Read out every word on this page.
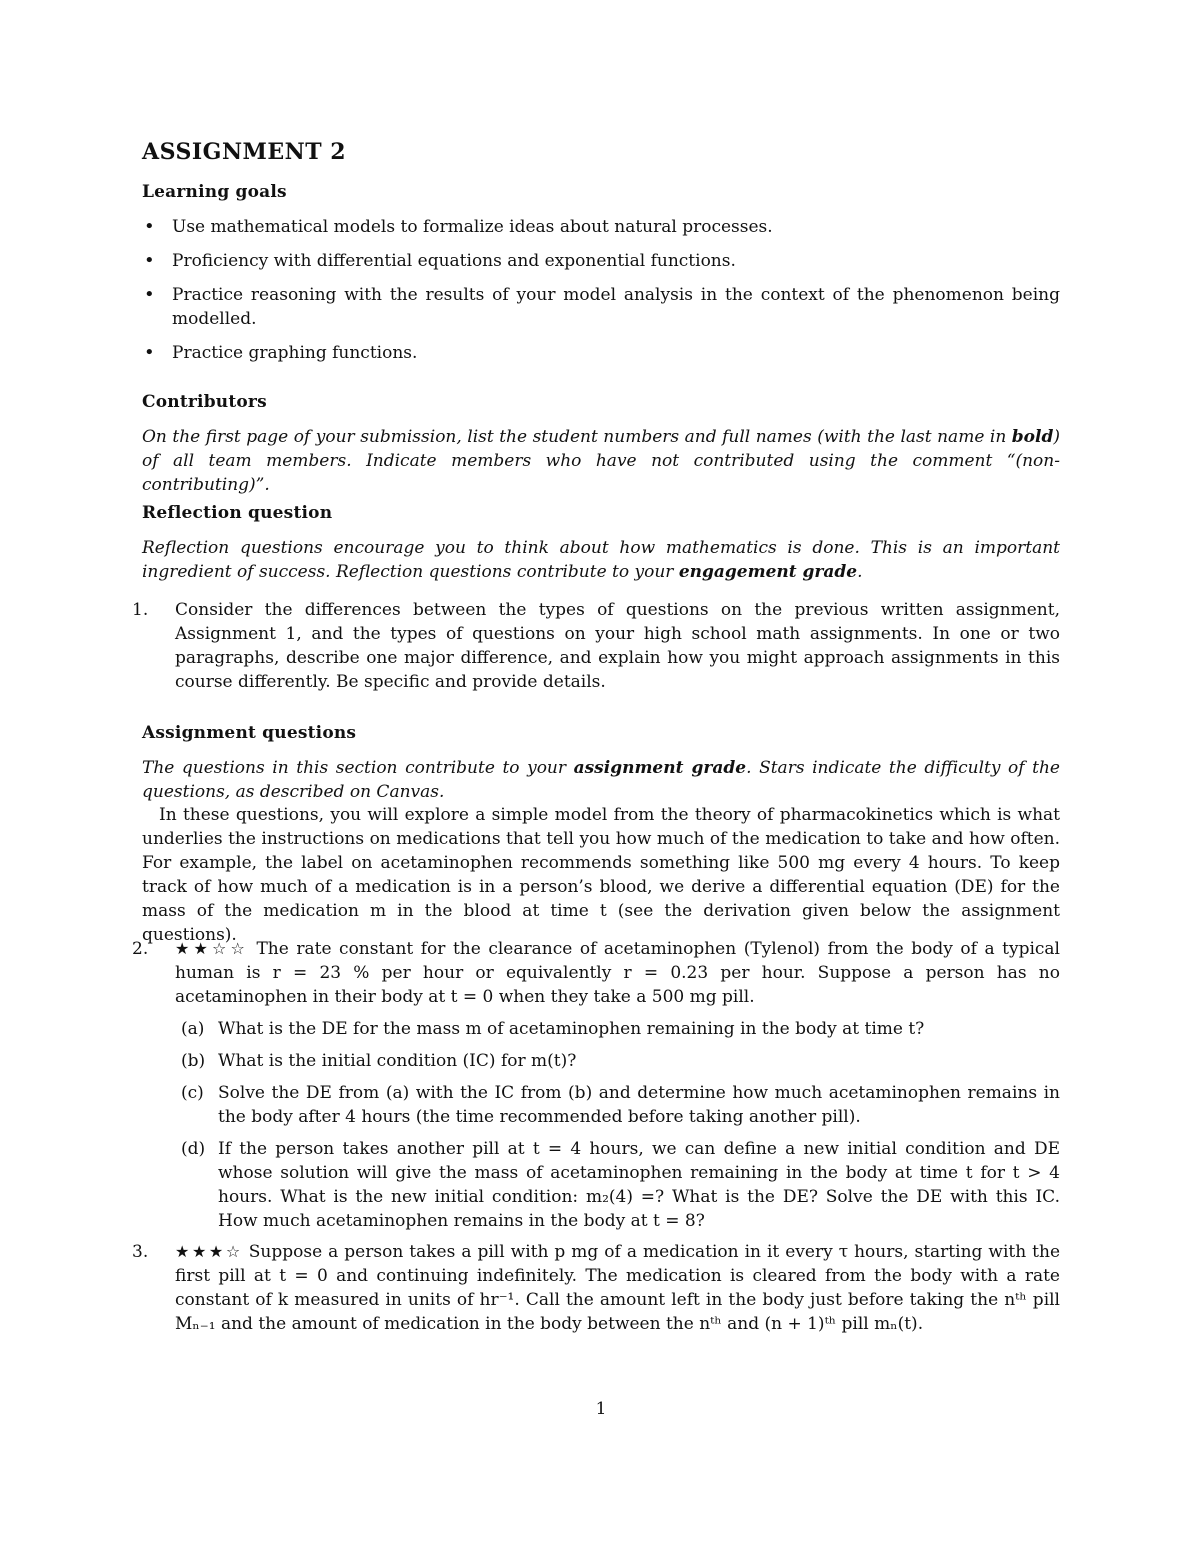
ASSIGNMENT 2
Learning goals
• Use mathematical models to formalize ideas about natural processes.
• Proficiency with differential equations and exponential functions.
• Practice reasoning with the results of your model analysis in the context of the phenomenon being modelled.
• Practice graphing functions.
Contributors
On the first page of your submission, list the student numbers and full names (with the last name in bold) of all team members. Indicate members who have not contributed using the comment “(non-contributing)”.
Reflection question
Reflection questions encourage you to think about how mathematics is done. This is an important ingredient of success. Reflection questions contribute to your engagement grade.
1. Consider the differences between the types of questions on the previous written assignment, Assignment 1, and the types of questions on your high school math assignments. In one or two paragraphs, describe one major difference, and explain how you might approach assignments in this course differently. Be specific and provide details.
Assignment questions
The questions in this section contribute to your assignment grade. Stars indicate the difficulty of the questions, as described on Canvas.
In these questions, you will explore a simple model from the theory of pharmacokinetics which is what underlies the instructions on medications that tell you how much of the medication to take and how often. For example, the label on acetaminophen recommends something like 500 mg every 4 hours. To keep track of how much of a medication is in a person’s blood, we derive a differential equation (DE) for the mass of the medication m in the blood at time t (see the derivation given below the assignment questions).
2. ★★☆☆ The rate constant for the clearance of acetaminophen (Tylenol) from the body of a typical human is r = 23 % per hour or equivalently r = 0.23 per hour. Suppose a person has no acetaminophen in their body at t = 0 when they take a 500 mg pill.
(a) What is the DE for the mass m of acetaminophen remaining in the body at time t?
(b) What is the initial condition (IC) for m(t)?
(c) Solve the DE from (a) with the IC from (b) and determine how much acetaminophen remains in the body after 4 hours (the time recommended before taking another pill).
(d) If the person takes another pill at t = 4 hours, we can define a new initial condition and DE whose solution will give the mass of acetaminophen remaining in the body at time t for t > 4 hours. What is the new initial condition: m₂(4) =? What is the DE? Solve the DE with this IC. How much acetaminophen remains in the body at t = 8?
3. ★★★☆ Suppose a person takes a pill with p mg of a medication in it every τ hours, starting with the first pill at t = 0 and continuing indefinitely. The medication is cleared from the body with a rate constant of k measured in units of hr⁻¹. Call the amount left in the body just before taking the nᵗʰ pill Mₙ₋₁ and the amount of medication in the body between the nᵗʰ and (n + 1)ᵗʰ pill mₙ(t).
1
